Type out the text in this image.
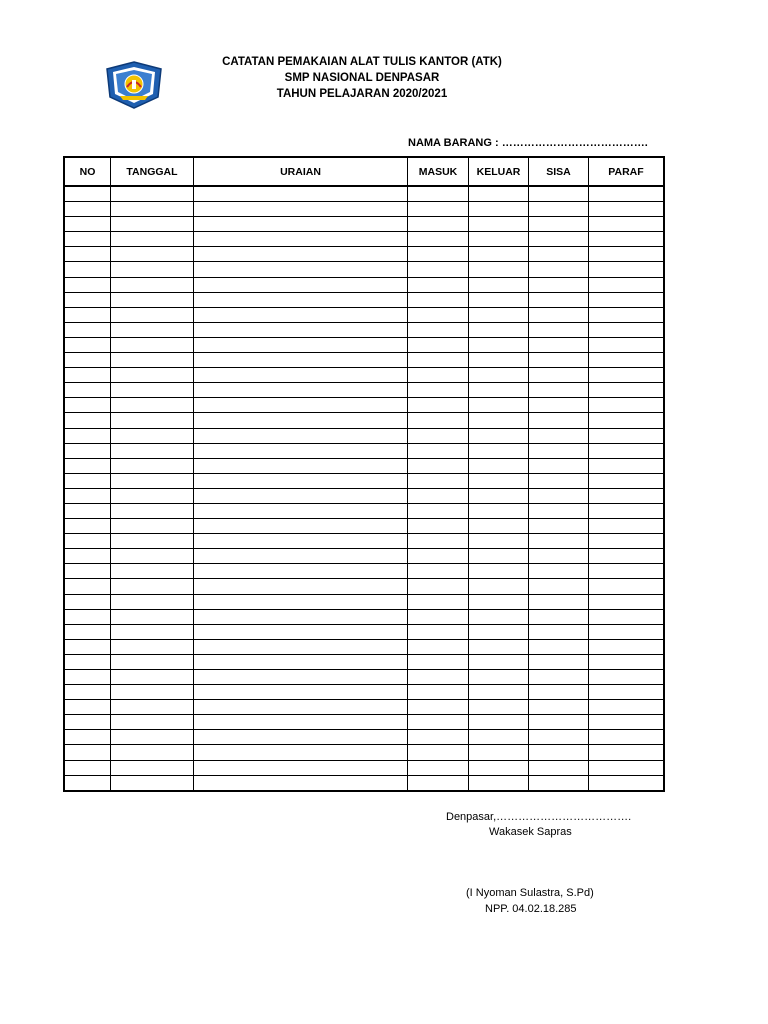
CATATAN PEMAKAIAN ALAT TULIS KANTOR (ATK)
SMP NASIONAL DENPASAR
TAHUN PELAJARAN 2020/2021
NAMA BARANG : ………………………………….
NO	TANGGAL	URAIAN	MASUK	KELUAR	SISA	PARAF

Denpasar,……………………………….
Wakasek Sapras
(I Nyoman Sulastra, S.Pd)
NPP. 04.02.18.285
